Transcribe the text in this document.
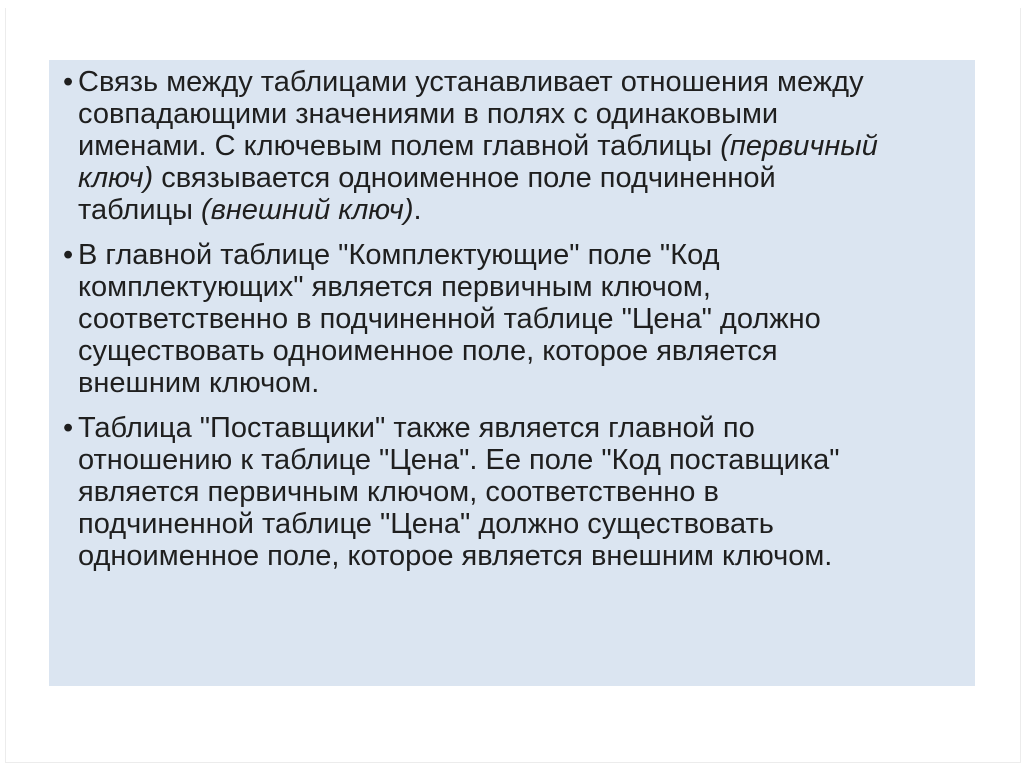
• Связь между таблицами устанавливает отношения между
совпадающими значениями в полях с одинаковыми
именами. С ключевым полем главной таблицы (первичный
ключ) связывается одноименное поле подчиненной
таблицы (внешний ключ).
• В главной таблице "Комплектующие" поле "Код
комплектующих" является первичным ключом,
соответственно в подчиненной таблице "Цена" должно
существовать одноименное поле, которое является
внешним ключом.
• Таблица "Поставщики" также является главной по
отношению к таблице "Цена". Ее поле "Код поставщика"
является первичным ключом, соответственно в
подчиненной таблице "Цена" должно существовать
одноименное поле, которое является внешним ключом.
